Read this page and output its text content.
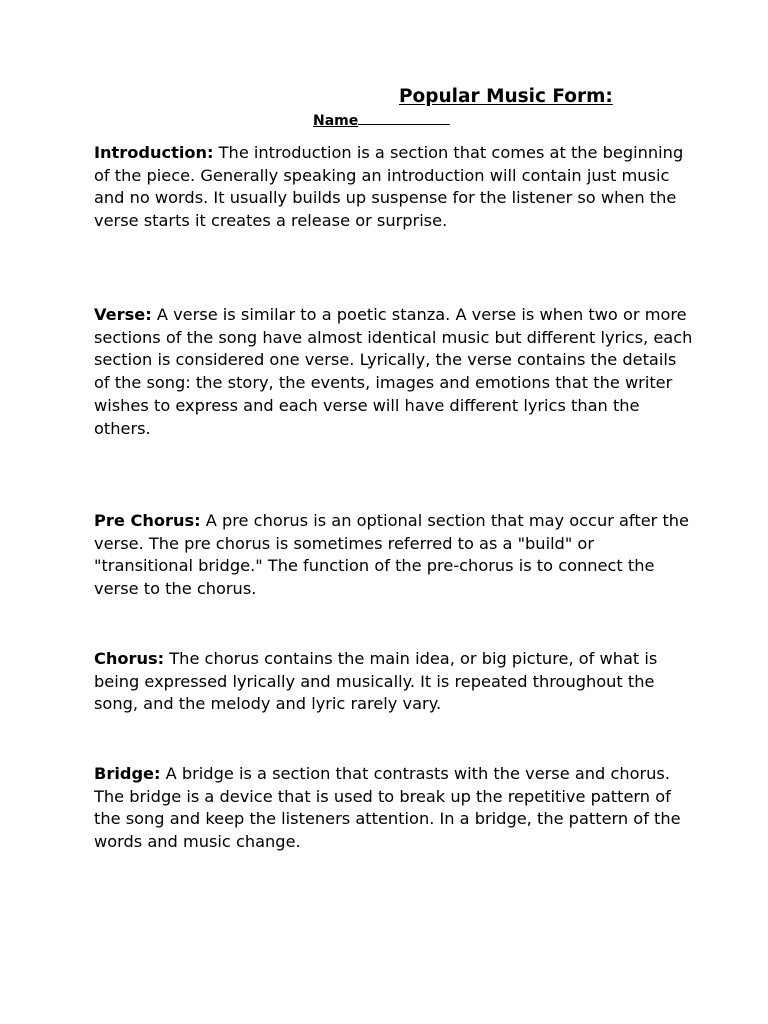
Popular Music Form:
Name

Introduction: The introduction is a section that comes at the beginning of the piece. Generally speaking an introduction will contain just music and no words. It usually builds up suspense for the listener so when the verse starts it creates a release or surprise.

Verse: A verse is similar to a poetic stanza. A verse is when two or more sections of the song have almost identical music but different lyrics, each section is considered one verse. Lyrically, the verse contains the details of the song: the story, the events, images and emotions that the writer wishes to express and each verse will have different lyrics than the others.

Pre Chorus: A pre chorus is an optional section that may occur after the verse. The pre chorus is sometimes referred to as a "build" or "transitional bridge." The function of the pre-chorus is to connect the verse to the chorus.

Chorus: The chorus contains the main idea, or big picture, of what is being expressed lyrically and musically. It is repeated throughout the song, and the melody and lyric rarely vary.

Bridge: A bridge is a section that contrasts with the verse and chorus. The bridge is a device that is used to break up the repetitive pattern of the song and keep the listeners attention. In a bridge, the pattern of the words and music change.
